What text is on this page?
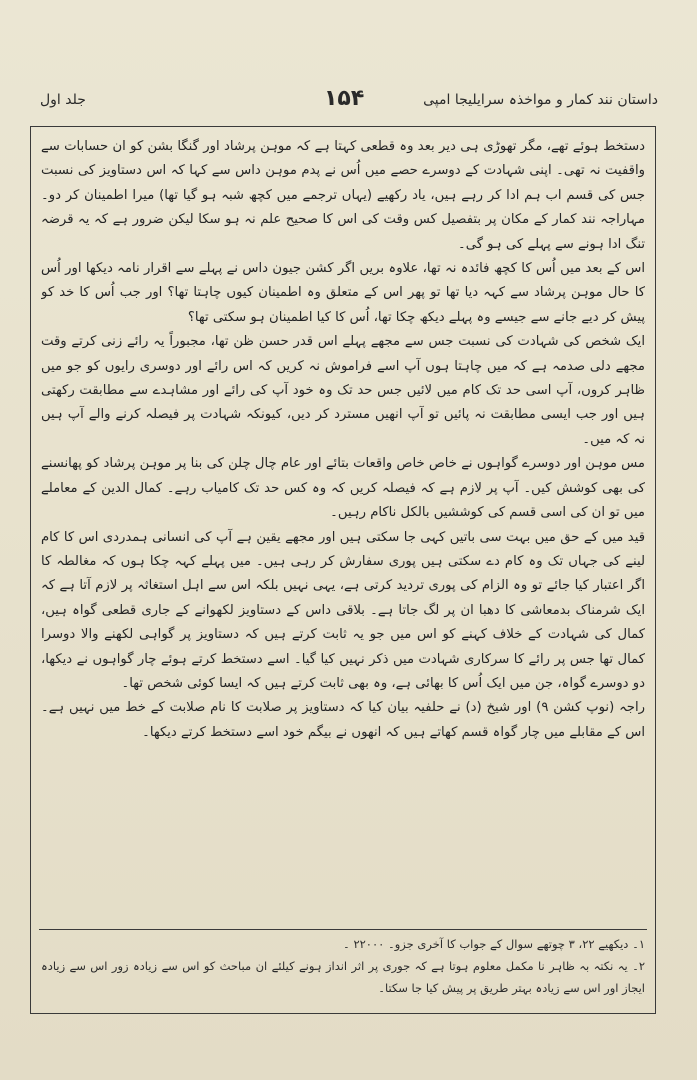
جلد اول	۱۵۴	داستان نند کمار و مواخذہ سرایلیجا امپی

دستخط ہوئے تھے، مگر تھوڑی ہی دیر بعد وہ قطعی کہتا ہے کہ موہن پرشاد اور گنگا بشن کو ان حسابات سے واقفیت نہ تھی۔ اپنی شہادت کے دوسرے حصے میں اُس نے پدم موہن داس سے کہا کہ اس دستاویز کی نسبت جس کی قسم اب ہم ادا کر رہے ہیں، یاد رکھیے (یہاں ترجمے میں کچھ شبہ ہو گیا تھا) میرا اطمینان کر دو۔ مہاراجہ نند کمار کے مکان پر بتفصیل کس وقت کی اس کا صحیح علم نہ ہو سکا لیکن ضرور ہے کہ یہ قرضہ تنگ ادا ہونے سے پہلے کی ہو گی۔

اس کے بعد میں اُس کا کچھ فائدہ نہ تھا، علاوہ بریں اگر کشن جیون داس نے پہلے سے اقرار نامہ دیکھا اور اُس کا حال موہن پرشاد سے کہہ دیا تھا تو پھر اس کے متعلق وہ اطمینان کیوں چاہتا تھا؟ اور جب اُس کا خد کو پیش کر دیے جانے سے جیسے وہ پہلے دیکھ چکا تھا، اُس کا کیا اطمینان ہو سکتی تھا؟

ایک شخص کی شہادت کی نسبت جس سے مجھے پہلے اس قدر حسن ظن تھا، مجبوراً یہ رائے زنی کرتے وقت مجھے دلی صدمہ ہے کہ میں چاہتا ہوں آپ اسے فراموش نہ کریں کہ اس رائے اور دوسری رایوں کو جو میں ظاہر کروں، آپ اسی حد تک کام میں لائیں جس حد تک وہ خود آپ کی رائے اور مشاہدے سے مطابقت رکھتی ہیں اور جب ایسی مطابقت نہ پائیں تو آپ انھیں مسترد کر دیں، کیونکہ شہادت پر فیصلہ کرنے والے آپ ہیں نہ کہ میں۔

مس موہن اور دوسرے گواہوں نے خاص خاص واقعات بتائے اور عام چال چلن کی بنا پر موہن پرشاد کو پھانسنے کی بھی کوشش کیں۔ آپ پر لازم ہے کہ فیصلہ کریں کہ وہ کس حد تک کامیاب رہے۔ کمال الدین کے معاملے میں تو ان کی اسی قسم کی کوششیں بالکل ناکام رہیں۔

قید میں کے حق میں بہت سی باتیں کہی جا سکتی ہیں اور مجھے یقین ہے آپ کی انسانی ہمدردی اس کا کام لینے کی جہاں تک وہ کام دے سکتی ہیں پوری سفارش کر رہی ہیں۔ میں پہلے کہہ چکا ہوں کہ مغالطہ کا اگر اعتبار کیا جائے تو وہ الزام کی پوری تردید کرتی ہے، یہی نہیں بلکہ اس سے اہل استغاثہ پر لازم آتا ہے کہ ایک شرمناک بدمعاشی کا دھبا ان پر لگ جاتا ہے۔ بلاقی داس کے دستاویز لکھوانے کے جاری قطعی گواہ ہیں، کمال کی شہادت کے خلاف کہنے کو اس میں جو یہ ثابت کرتے ہیں کہ دستاویز پر گواہی لکھنے والا دوسرا کمال تھا جس پر رائے کا سرکاری شہادت میں ذکر نہیں کیا گیا۔ اسے دستخط کرتے ہوئے چار گواہوں نے دیکھا، دو دوسرے گواہ، جن میں ایک اُس کا بھائی ہے، وہ بھی ثابت کرتے ہیں کہ ایسا کوئی شخص تھا۔

راجہ (نوپ کشن ۹) اور شیخ (د) نے حلفیہ بیان کیا کہ دستاویز پر صلابت کا نام صلابت کے خط میں نہیں ہے۔ اس کے مقابلے میں چار گواہ قسم کھاتے ہیں کہ انھوں نے بیگم خود اسے دستخط کرتے دیکھا۔

۱۔ دیکھیے ۲۲، ۳ چوتھے سوال کے جواب کا آخری جزو۔ ۲۲۰۰۰ ۔

۲۔ یہ نکتہ بہ ظاہر نا مکمل معلوم ہوتا ہے کہ جوری پر اثر انداز ہونے کیلئے ان مباحث کو اس سے زیادہ زور اس سے زیادہ ایجاز اور اس سے زیادہ بہتر طریق پر پیش کیا جا سکتا۔
